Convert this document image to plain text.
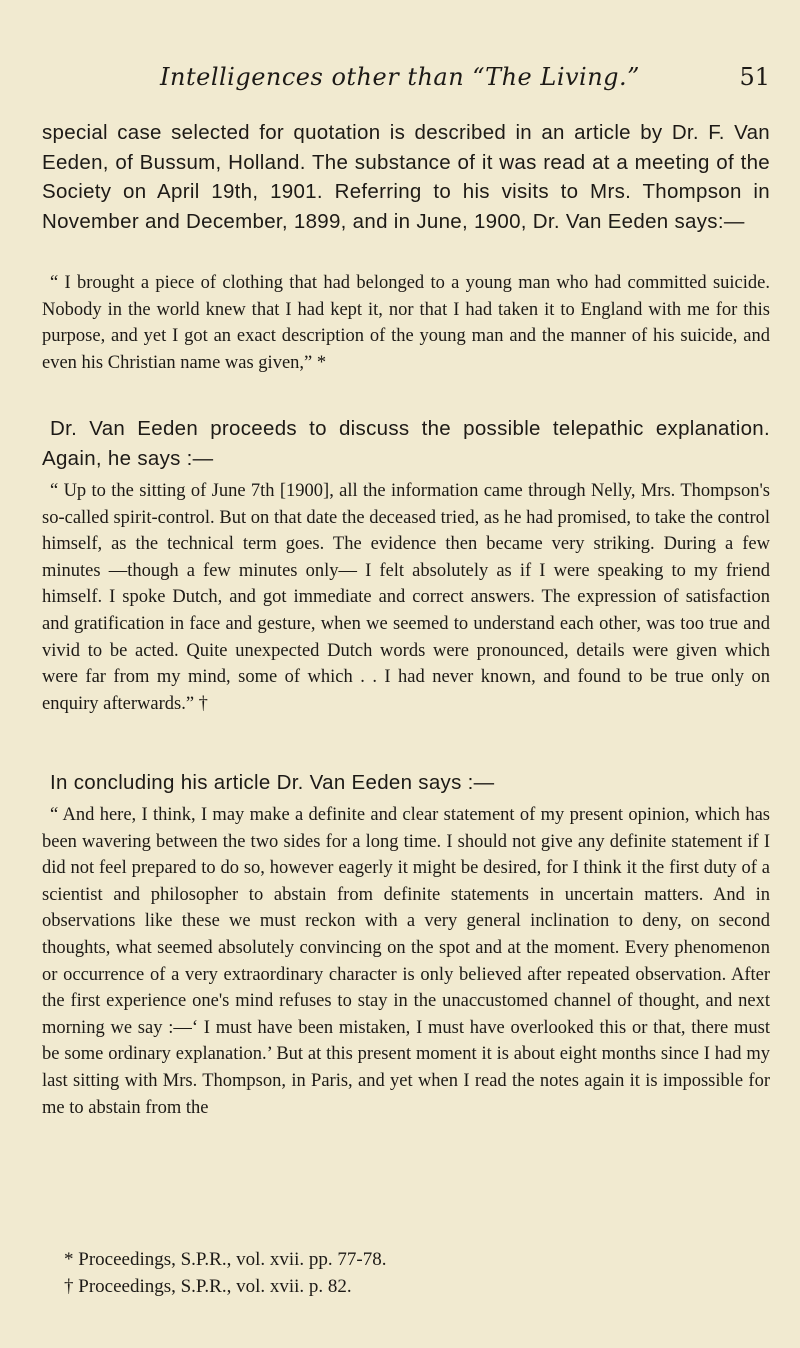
Intelligences other than “The Living.”	51

special case selected for quotation is described in an article by Dr. F. Van Eeden, of Bussum, Holland. The substance of it was read at a meeting of the Society on April 19th, 1901. Referring to his visits to Mrs. Thompson in November and December, 1899, and in June, 1900, Dr. Van Eeden says:—

“ I brought a piece of clothing that had belonged to a young man who had committed suicide. Nobody in the world knew that I had kept it, nor that I had taken it to England with me for this purpose, and yet I got an exact description of the young man and the manner of his suicide, and even his Christian name was given,” *

Dr. Van Eeden proceeds to discuss the possible telepathic explanation. Again, he says :—

“ Up to the sitting of June 7th [1900], all the information came through Nelly, Mrs. Thompson's so-called spirit-control. But on that date the deceased tried, as he had promised, to take the control himself, as the technical term goes. The evidence then became very striking. During a few minutes —though a few minutes only— I felt absolutely as if I were speaking to my friend himself. I spoke Dutch, and got immediate and correct answers. The expression of satisfaction and gratification in face and gesture, when we seemed to understand each other, was too true and vivid to be acted. Quite unexpected Dutch words were pronounced, details were given which were far from my mind, some of which . . I had never known, and found to be true only on enquiry afterwards.” †

In concluding his article Dr. Van Eeden says :—

“ And here, I think, I may make a definite and clear statement of my present opinion, which has been wavering between the two sides for a long time. I should not give any definite statement if I did not feel prepared to do so, however eagerly it might be desired, for I think it the first duty of a scientist and philosopher to abstain from definite statements in uncertain matters. And in observations like these we must reckon with a very general inclination to deny, on second thoughts, what seemed absolutely convincing on the spot and at the moment. Every phenomenon or occurrence of a very extraordinary character is only believed after repeated observation. After the first experience one's mind refuses to stay in the unaccustomed channel of thought, and next morning we say :—‘ I must have been mistaken, I must have overlooked this or that, there must be some ordinary explanation.’ But at this present moment it is about eight months since I had my last sitting with Mrs. Thompson, in Paris, and yet when I read the notes again it is impossible for me to abstain from the

* Proceedings, S.P.R., vol. xvii. pp. 77-78.

† Proceedings, S.P.R., vol. xvii. p. 82.
